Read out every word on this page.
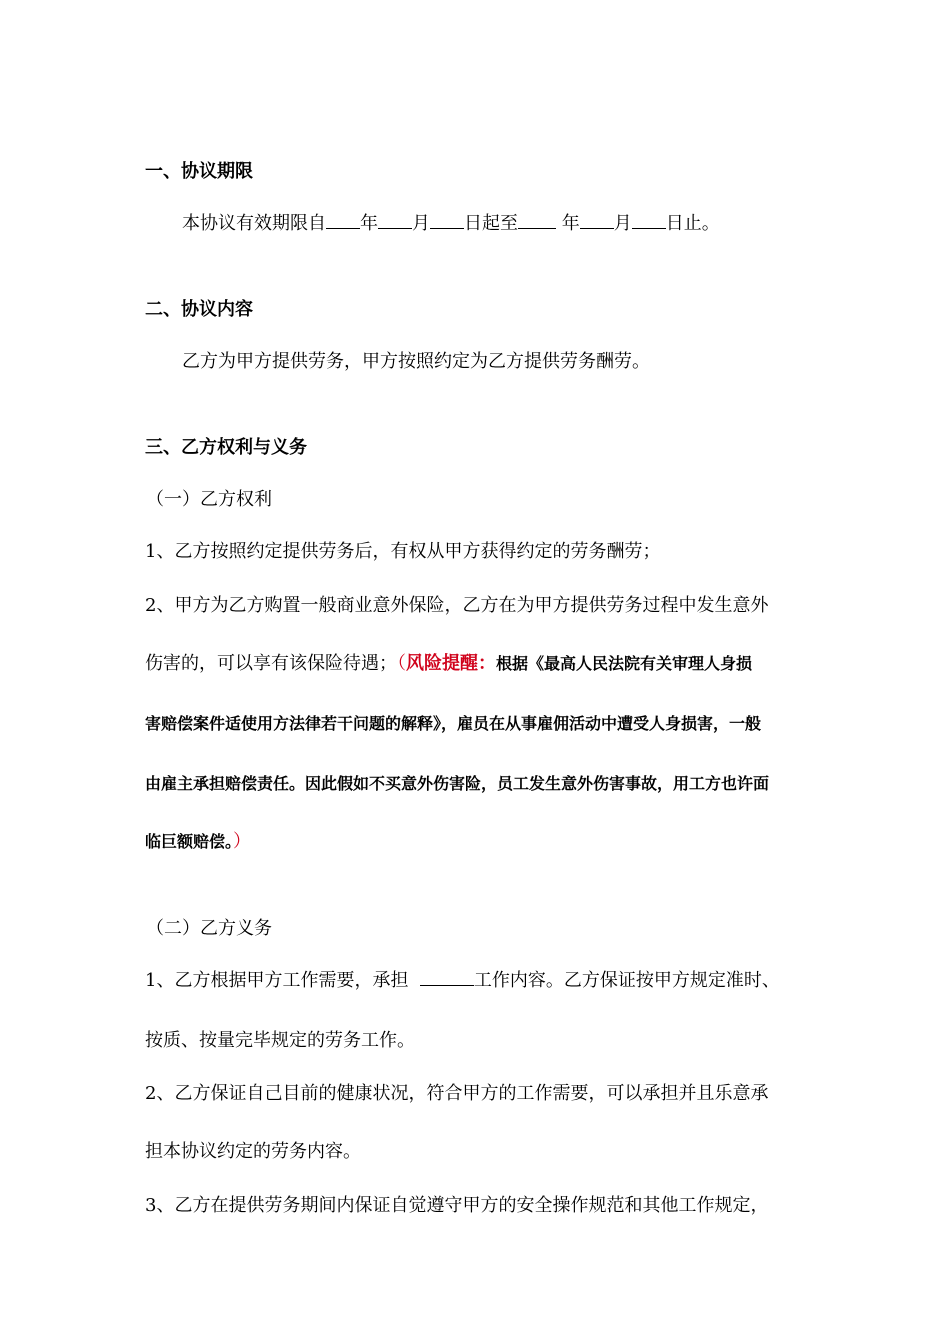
一、协议期限
本协议有效期限自 年 月 日起至 年 月 日止。
二、协议内容
乙方为甲方提供劳务，甲方按照约定为乙方提供劳务酬劳。
三、乙方权利与义务
（一）乙方权利
1、乙方按照约定提供劳务后，有权从甲方获得约定的劳务酬劳；
2、甲方为乙方购置一般商业意外保险，乙方在为甲方提供劳务过程中发生意外
伤害的，可以享有该保险待遇；（风险提醒：根据《最高人民法院有关审理人身损
害赔偿案件适使用方法律若干问题的解释》，雇员在从事雇佣活动中遭受人身损害，一般
由雇主承担赔偿责任。因此假如不买意外伤害险，员工发生意外伤害事故，用工方也许面
临巨额赔偿。）
（二）乙方义务
1、乙方根据甲方工作需要，承担	工作内容。乙方保证按甲方规定准时、
按质、按量完毕规定的劳务工作。
2、乙方保证自己目前的健康状况，符合甲方的工作需要，可以承担并且乐意承
担本协议约定的劳务内容。
3、乙方在提供劳务期间内保证自觉遵守甲方的安全操作规范和其他工作规定，
